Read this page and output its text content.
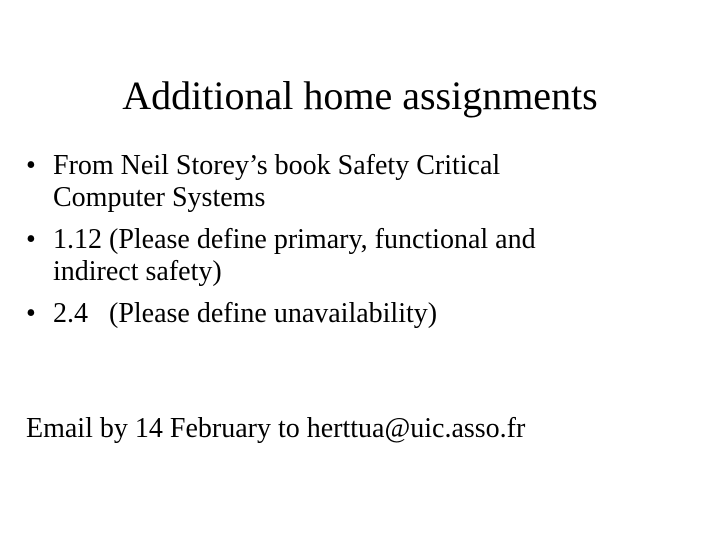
Additional home assignments
• From Neil Storey’s book Safety Critical
Computer Systems
• 1.12 (Please define primary, functional and
indirect safety)
• 2.4   (Please define unavailability)
Email by 14 February to herttua@uic.asso.fr
